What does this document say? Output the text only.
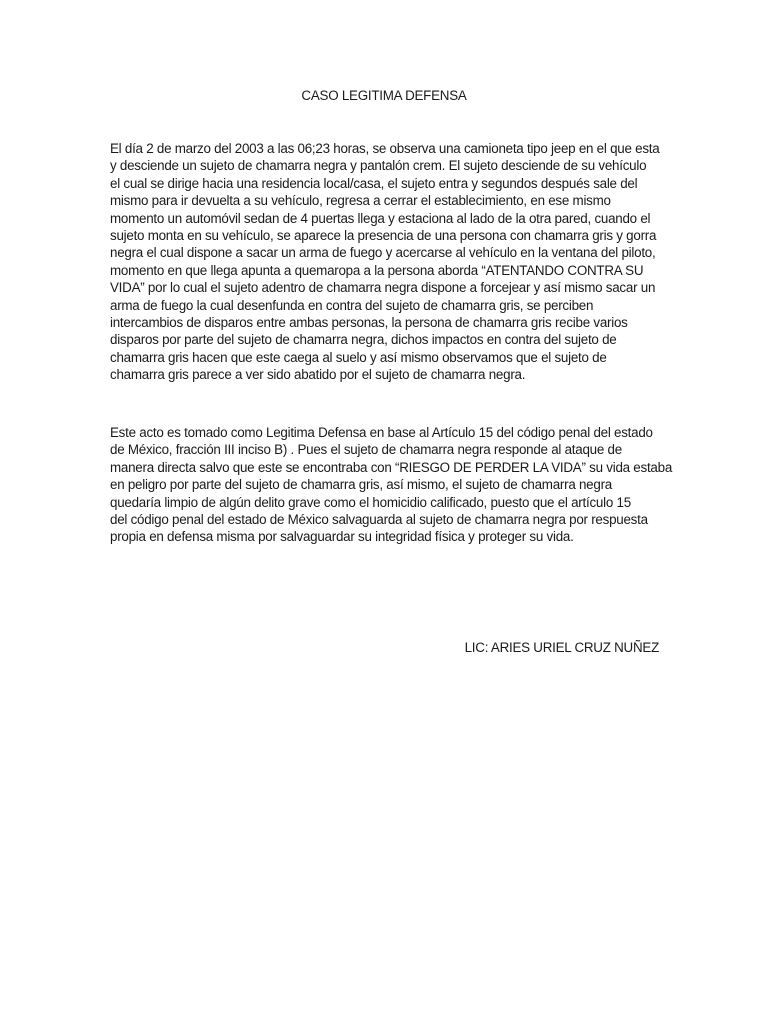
CASO LEGITIMA DEFENSA
El día 2 de marzo del 2003 a las 06;23 horas, se observa una camioneta tipo jeep en el que esta
y desciende un sujeto de chamarra negra y pantalón crem. El sujeto desciende de su vehículo
el cual se dirige hacia una residencia local/casa, el sujeto entra y segundos después sale del
mismo para ir devuelta a su vehículo, regresa a cerrar el establecimiento, en ese mismo
momento un automóvil sedan de 4 puertas llega y estaciona al lado de la otra pared, cuando el
sujeto monta en su vehículo, se aparece la presencia de una persona con chamarra gris y gorra
negra el cual dispone a sacar un arma de fuego y acercarse al vehículo en la ventana del piloto,
momento en que llega apunta a quemaropa a la persona aborda “ATENTANDO CONTRA SU
VIDA” por lo cual el sujeto adentro de chamarra negra dispone a forcejear y así mismo sacar un
arma de fuego la cual desenfunda en contra del sujeto de chamarra gris, se perciben
intercambios de disparos entre ambas personas, la persona de chamarra gris recibe varios
disparos por parte del sujeto de chamarra negra, dichos impactos en contra del sujeto de
chamarra gris hacen que este caega al suelo y así mismo observamos que el sujeto de
chamarra gris parece a ver sido abatido por el sujeto de chamarra negra.
Este acto es tomado como Legitima Defensa en base al Artículo 15 del código penal del estado
de México, fracción III inciso B) . Pues el sujeto de chamarra negra responde al ataque de
manera directa salvo que este se encontraba con “RIESGO DE PERDER LA VIDA” su vida estaba
en peligro por parte del sujeto de chamarra gris, así mismo, el sujeto de chamarra negra
quedaría limpio de algún delito grave como el homicidio calificado, puesto que el artículo 15
del código penal del estado de México salvaguarda al sujeto de chamarra negra por respuesta
propia en defensa misma por salvaguardar su integridad física y proteger su vida.
LIC: ARIES URIEL CRUZ NUÑEZ
